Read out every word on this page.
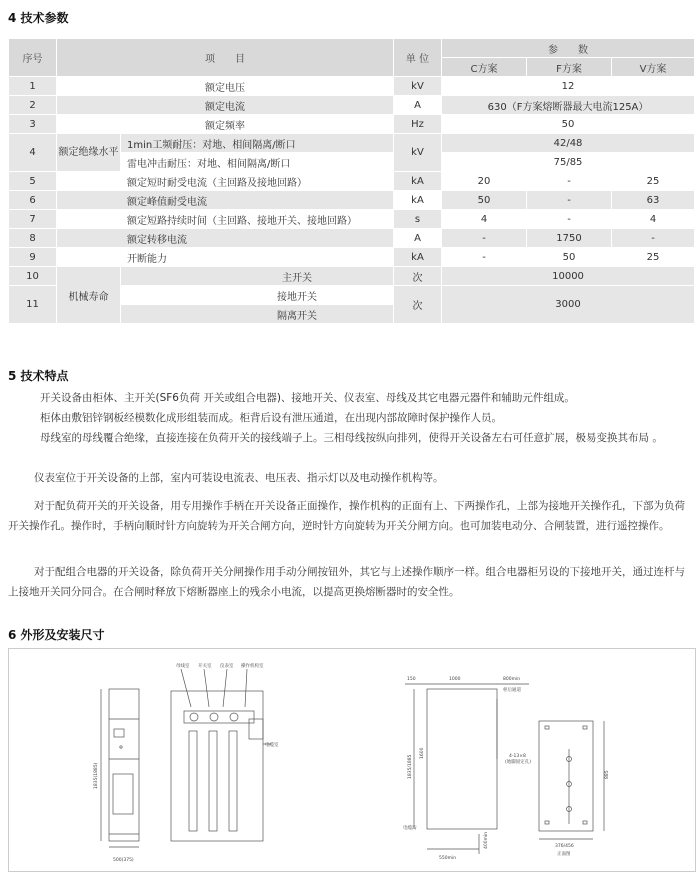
4 技术参数
序号	项　　目		单 位	参　　数		
				C方案	F方案	V方案
1	额定电压		kV	12		
2	额定电流		A	630（F方案熔断器最大电流125A）		
3	额定频率		Hz	50		
4	额定绝缘水平	1min工频耐压：对地、相间隔离/断口	kV	42/48		
		雷电冲击耐压：对地、相间隔离/断口		75/85		
5	额定短时耐受电流（主回路及接地回路）		kA	20	-	25
6	额定峰值耐受电流		kA	50	-	63
7	额定短路持续时间（主回路、接地开关、接地回路）		s	4	-	4
8	额定转移电流		A	-	1750	-
9	开断能力		kA	-	50	25
10	机械寿命	主开关	次	10000		
11		接地开关	次	3000		
		隔离开关				
5 技术特点
开关设备由柜体、主开关(SF6负荷 开关或组合电器)、接地开关、仪表室、母线及其它电器元器件和辅助元件组成。
柜体由敷铝锌钢板经模数化成形组装而成。柜背后设有泄压通道，在出现内部故障时保护操作人员。
母线室的母线覆合绝缘，直接连接在负荷开关的接线端子上。三相母线按纵向排列，使得开关设备左右可任意扩展，极易变换其布局 。
仪表室位于开关设备的上部，室内可装设电流表、电压表、指示灯以及电动操作机构等。
对于配负荷开关的开关设备，用专用操作手柄在开关设备正面操作，操作机构的正面有上、下两操作孔，上部为接地开关操作孔，下部为负荷开关操作孔。操作时，手柄向顺时针方向旋转为开关合闸方向，逆时针方向旋转为开关分闸方向。也可加装电动分、合闸装置，进行遥控操作。
对于配组合电器的开关设备，除负荷开关分闸操作用手动分闸按钮外，其它与上述操作顺序一样。组合电器柜另设的下接地开关，通过连杆与上接地开关同分同合。在合闸时释放下熔断器座上的残余小电流，以提高更换熔断器时的安全性。
6 外形及安装尺寸
500(375)
1835(1885)
母线室 开关室 仪表室 操作机构室
电缆室
150	1000	800min
柜后通道
1835/1885
1600
电缆沟
550min
400min
4-13×8
(地脚固定孔)
376/456
正面图
885
